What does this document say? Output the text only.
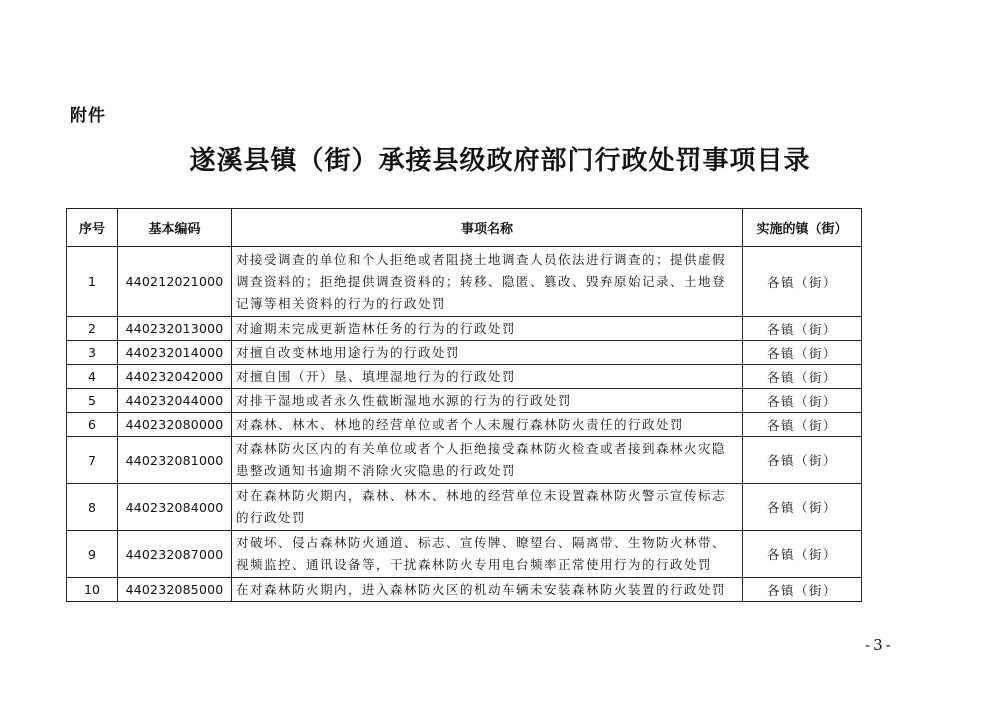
附件
遂溪县镇（街）承接县级政府部门行政处罚事项目录
序号	基本编码	事项名称	实施的镇（街）
1	440212021000	对接受调查的单位和个人拒绝或者阻挠土地调查人员依法进行调查的；提供虚假调查资料的；拒绝提供调查资料的；转移、隐匿、篡改、毁弃原始记录、土地登记簿等相关资料的行为的行政处罚	各镇（街）
2	440232013000	对逾期未完成更新造林任务的行为的行政处罚	各镇（街）
3	440232014000	对擅自改变林地用途行为的行政处罚	各镇（街）
4	440232042000	对擅自围（开）垦、填埋湿地行为的行政处罚	各镇（街）
5	440232044000	对排干湿地或者永久性截断湿地水源的行为的行政处罚	各镇（街）
6	440232080000	对森林、林木、林地的经营单位或者个人未履行森林防火责任的行政处罚	各镇（街）
7	440232081000	对森林防火区内的有关单位或者个人拒绝接受森林防火检查或者接到森林火灾隐患整改通知书逾期不消除火灾隐患的行政处罚	各镇（街）
8	440232084000	对在森林防火期内，森林、林木、林地的经营单位未设置森林防火警示宣传标志的行政处罚	各镇（街）
9	440232087000	对破坏、侵占森林防火通道、标志、宣传牌、瞭望台、隔离带、生物防火林带、视频监控、通讯设备等，干扰森林防火专用电台频率正常使用行为的行政处罚	各镇（街）
10	440232085000	在对森林防火期内，进入森林防火区的机动车辆未安装森林防火装置的行政处罚	各镇（街）
-3-
